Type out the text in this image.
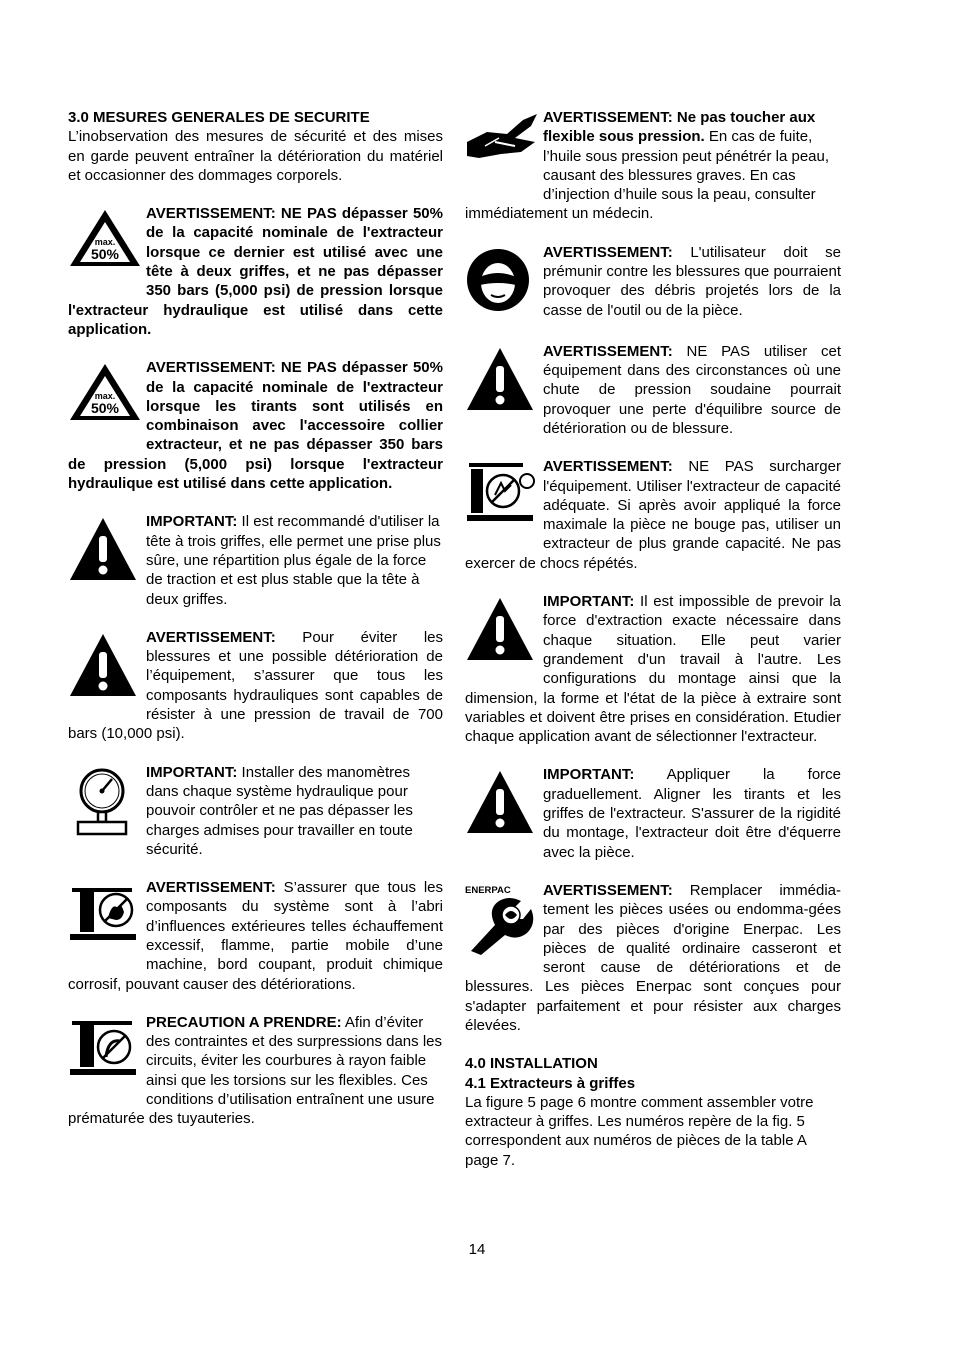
3.0 MESURES GENERALES DE SECURITE
L’inobservation des mesures de sécurité et des mises en garde peuvent entraîner la détérioration du matériel et occasionner des dommages corporels.
max.
50%
AVERTISSEMENT: NE PAS dépasser 50% de la capacité nominale de l'extracteur lorsque ce dernier est utilisé avec une tête à deux griffes, et ne pas dépasser 350 bars (5,000 psi) de pression lorsque l'extracteur hydraulique est utilisé dans cette application.
max.
50%
AVERTISSEMENT: NE PAS dépasser 50% de la capacité nominale de l'extracteur lorsque les tirants sont utilisés en combinaison avec l'accessoire collier extracteur, et ne pas dépasser 350 bars de pression (5,000 psi) lorsque l'extracteur hydraulique est utilisé dans cette application.
IMPORTANT: Il est recommandé d'utiliser la tête à trois griffes, elle permet une prise plus sûre, une répartition plus égale de la force de traction et est plus stable que la tête à deux griffes.
AVERTISSEMENT: Pour éviter les blessures et une possible détérioration de l’équipement, s’assurer que tous les composants hydrauliques sont capables de résister à une pression de travail de 700 bars (10,000 psi).
IMPORTANT: Installer des manomètres dans chaque système hydraulique pour pouvoir contrôler et ne pas dépasser les charges admises pour travailler en toute sécurité.
AVERTISSEMENT: S’assurer que tous les composants du système sont à l’abri d’influences extérieures telles échauffement excessif, flamme, partie mobile d’une machine, bord coupant, produit chimique corrosif, pouvant causer des détériorations.
PRECAUTION A PRENDRE: Afin d’éviter des contraintes et des surpressions dans les circuits, éviter les courbures à rayon faible ainsi que les torsions sur les flexibles. Ces conditions d’utilisation entraînent une usure prématurée des tuyauteries.
AVERTISSEMENT: Ne pas toucher aux flexible sous pression. En cas de fuite, l’huile sous pression peut pénétrér la peau, causant des blessures graves. En cas d’injection d’huile sous la peau, consulter immédiatement un médecin.
AVERTISSEMENT: L'utilisateur doit se prémunir contre les blessures que pourraient provoquer des débris projetés lors de la casse de l'outil ou de la pièce.
AVERTISSEMENT: NE PAS utiliser cet équipement dans des circonstances où une chute de pression soudaine pourrait provoquer une perte d'équilibre source de détérioration ou de blessure.
AVERTISSEMENT: NE PAS surcharger l'équipement. Utiliser l'extracteur de capacité adéquate. Si après avoir appliqué la force maximale la pièce ne bouge pas, utiliser un extracteur de plus grande capacité. Ne pas exercer de chocs répétés.
IMPORTANT: Il est impossible de prevoir la force d'extraction exacte nécessaire dans chaque situation. Elle peut varier grandement d'un travail à l'autre. Les configurations du montage ainsi que la dimension, la forme et l'état de la pièce à extraire sont variables et doivent être prises en considération. Etudier chaque application avant de sélectionner l'extracteur.
IMPORTANT: Appliquer la force graduellement. Aligner les tirants et les griffes de l'extracteur. S'assurer de la rigidité du montage, l'extracteur doit être d'équerre avec la pièce.
ENERPAC AVERTISSEMENT: Remplacer immédia-tement les pièces usées ou endomma-gées par des pièces d'origine Enerpac. Les pièces de qualité ordinaire casseront et seront cause de détériorations et de blessures. Les pièces Enerpac sont conçues pour s'adapter parfaitement et pour résister aux charges élevées.
4.0 INSTALLATION
4.1 Extracteurs à griffes
La figure 5 page 6 montre comment assembler votre extracteur à griffes. Les numéros repère de la fig. 5 correspondent aux numéros de pièces de la table A page 7.
14
